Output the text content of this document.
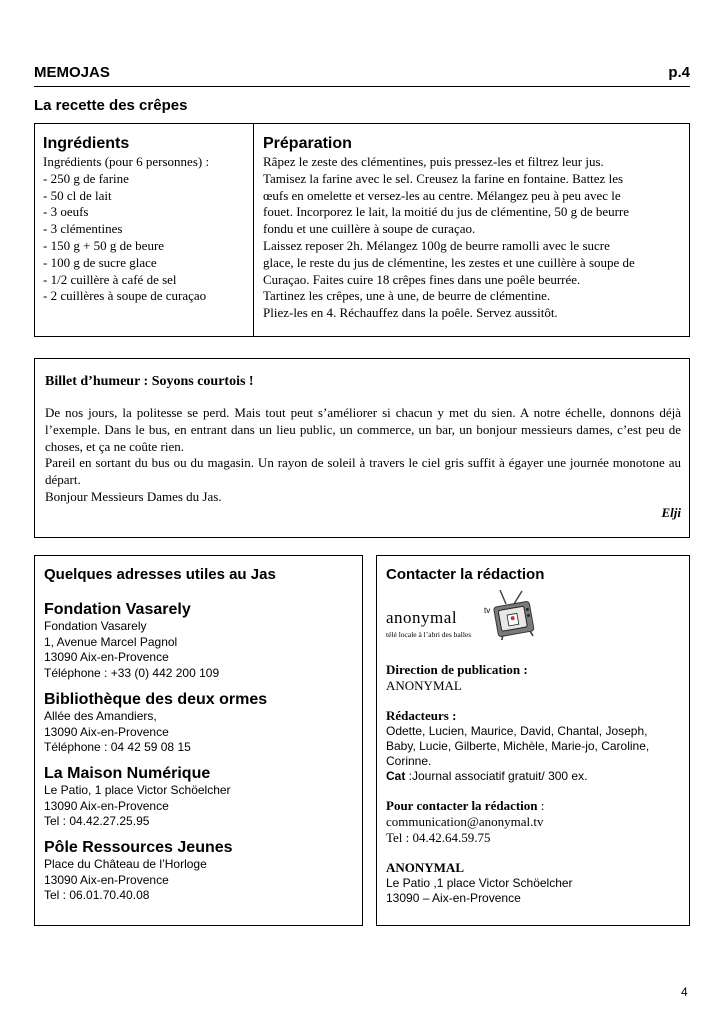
MEMOJAS	p.4
La recette des crêpes
Ingrédients
Ingrédients (pour 6 personnes) :
- 250 g de farine
- 50 cl de lait
- 3 oeufs
- 3 clémentines
- 150 g + 50 g de beure
- 100 g de sucre glace
- 1/2 cuillère à café de sel
- 2 cuillères à soupe de curaçao
Préparation
Râpez le zeste des clémentines, puis pressez-les et filtrez leur jus.
Tamisez la farine avec le sel. Creusez la farine en fontaine. Battez les
œufs en omelette et versez-les au centre. Mélangez peu à peu avec le
fouet. Incorporez le lait, la moitié du jus de clémentine, 50 g de beurre
fondu et une cuillère à soupe de curaçao.
Laissez reposer 2h. Mélangez 100g de beurre ramolli avec le sucre
glace, le reste du jus de clémentine, les zestes et une cuillère à soupe de
Curaçao. Faites cuire 18 crêpes fines dans une poêle beurrée.
Tartinez les crêpes, une à une, de beurre de clémentine.
Pliez-les en 4. Réchauffez dans la poêle. Servez aussitôt.
Billet d’humeur : Soyons courtois !
De nos jours, la politesse se perd. Mais tout peut s’améliorer si chacun y met du sien. A notre échelle, donnons déjà l’exemple. Dans le bus, en entrant dans un lieu public, un commerce, un bar, un bonjour messieurs dames, c’est peu de choses, et ça ne coûte rien.
Pareil en sortant du bus ou du magasin. Un rayon de soleil à travers le ciel gris suffit à égayer une journée monotone au départ.
Bonjour Messieurs Dames du Jas.
Elji
Quelques adresses utiles au Jas
Fondation Vasarely
Fondation Vasarely
1, Avenue Marcel Pagnol
13090 Aix-en-Provence
Téléphone : +33 (0) 442 200 109
Bibliothèque des deux ormes
Allée des Amandiers,
13090 Aix-en-Provence
Téléphone : 04 42 59 08 15
La Maison Numérique
Le Patio, 1 place Victor Schöelcher
13090 Aix-en-Provence
Tel : 04.42.27.25.95
Pôle Ressources Jeunes
Place du Château de l’Horloge
13090 Aix-en-Provence
Tel : 06.01.70.40.08
Contacter la rédaction
anonymal	tv
télé locale à l’abri des balles
Direction de publication :
ANONYMAL
Rédacteurs :
Odette, Lucien, Maurice, David, Chantal, Joseph,
Baby, Lucie, Gilberte, Michèle, Marie-jo, Caroline,
Corinne.
Cat :Journal associatif gratuit/ 300 ex.
Pour contacter la rédaction :
communication@anonymal.tv
Tel : 04.42.64.59.75
ANONYMAL
Le Patio ,1 place Victor Schöelcher
13090 – Aix-en-Provence
4
